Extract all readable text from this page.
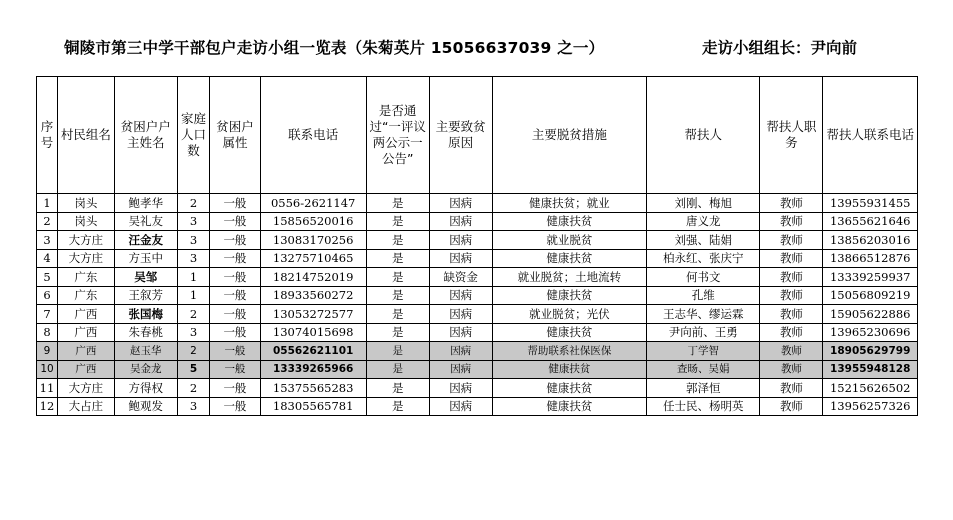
铜陵市第三中学干部包户走访小组一览表（朱菊英片 15056637039 之一）	走访小组组长：尹向前
序号	村民组名	贫困户户主姓名	家庭人口数	贫困户属性	联系电话	是否通过“一评议两公示一公告”	主要致贫原因	主要脱贫措施	帮扶人	帮扶人职务	帮扶人联系电话
1	岗头	鲍孝华	2	一般	0556-2621147	是	因病	健康扶贫；就业	刘刚、梅旭	教师	13955931455
2	岗头	吴礼友	3	一般	15856520016	是	因病	健康扶贫	唐义龙	教师	13655621646
3	大方庄	汪金友	3	一般	13083170256	是	因病	就业脱贫	刘强、陆娟	教师	13856203016
4	大方庄	方玉中	3	一般	13275710465	是	因病	健康扶贫	柏永红、张庆宁	教师	13866512876
5	广东	吴邹	1	一般	18214752019	是	缺资金	就业脱贫；土地流转	何书文	教师	13339259937
6	广东	王叙芳	1	一般	18933560272	是	因病	健康扶贫	孔维	教师	15056809219
7	广西	张国梅	2	一般	13053272577	是	因病	就业脱贫；光伏	王志华、缪运霖	教师	15905622886
8	广西	朱春桃	3	一般	13074015698	是	因病	健康扶贫	尹向前、王勇	教师	13965230696
9	广西	赵玉华	2	一般	05562621101	是	因病	帮助联系社保医保	丁学智	教师	18905629799
10	广西	吴金龙	5	一般	13339265966	是	因病	健康扶贫	查旸、吴娟	教师	13955948128
11	大方庄	方得权	2	一般	15375565283	是	因病	健康扶贫	郭泽恒	教师	15215626502
12	大占庄	鲍观发	3	一般	18305565781	是	因病	健康扶贫	任士民、杨明英	教师	13956257326
